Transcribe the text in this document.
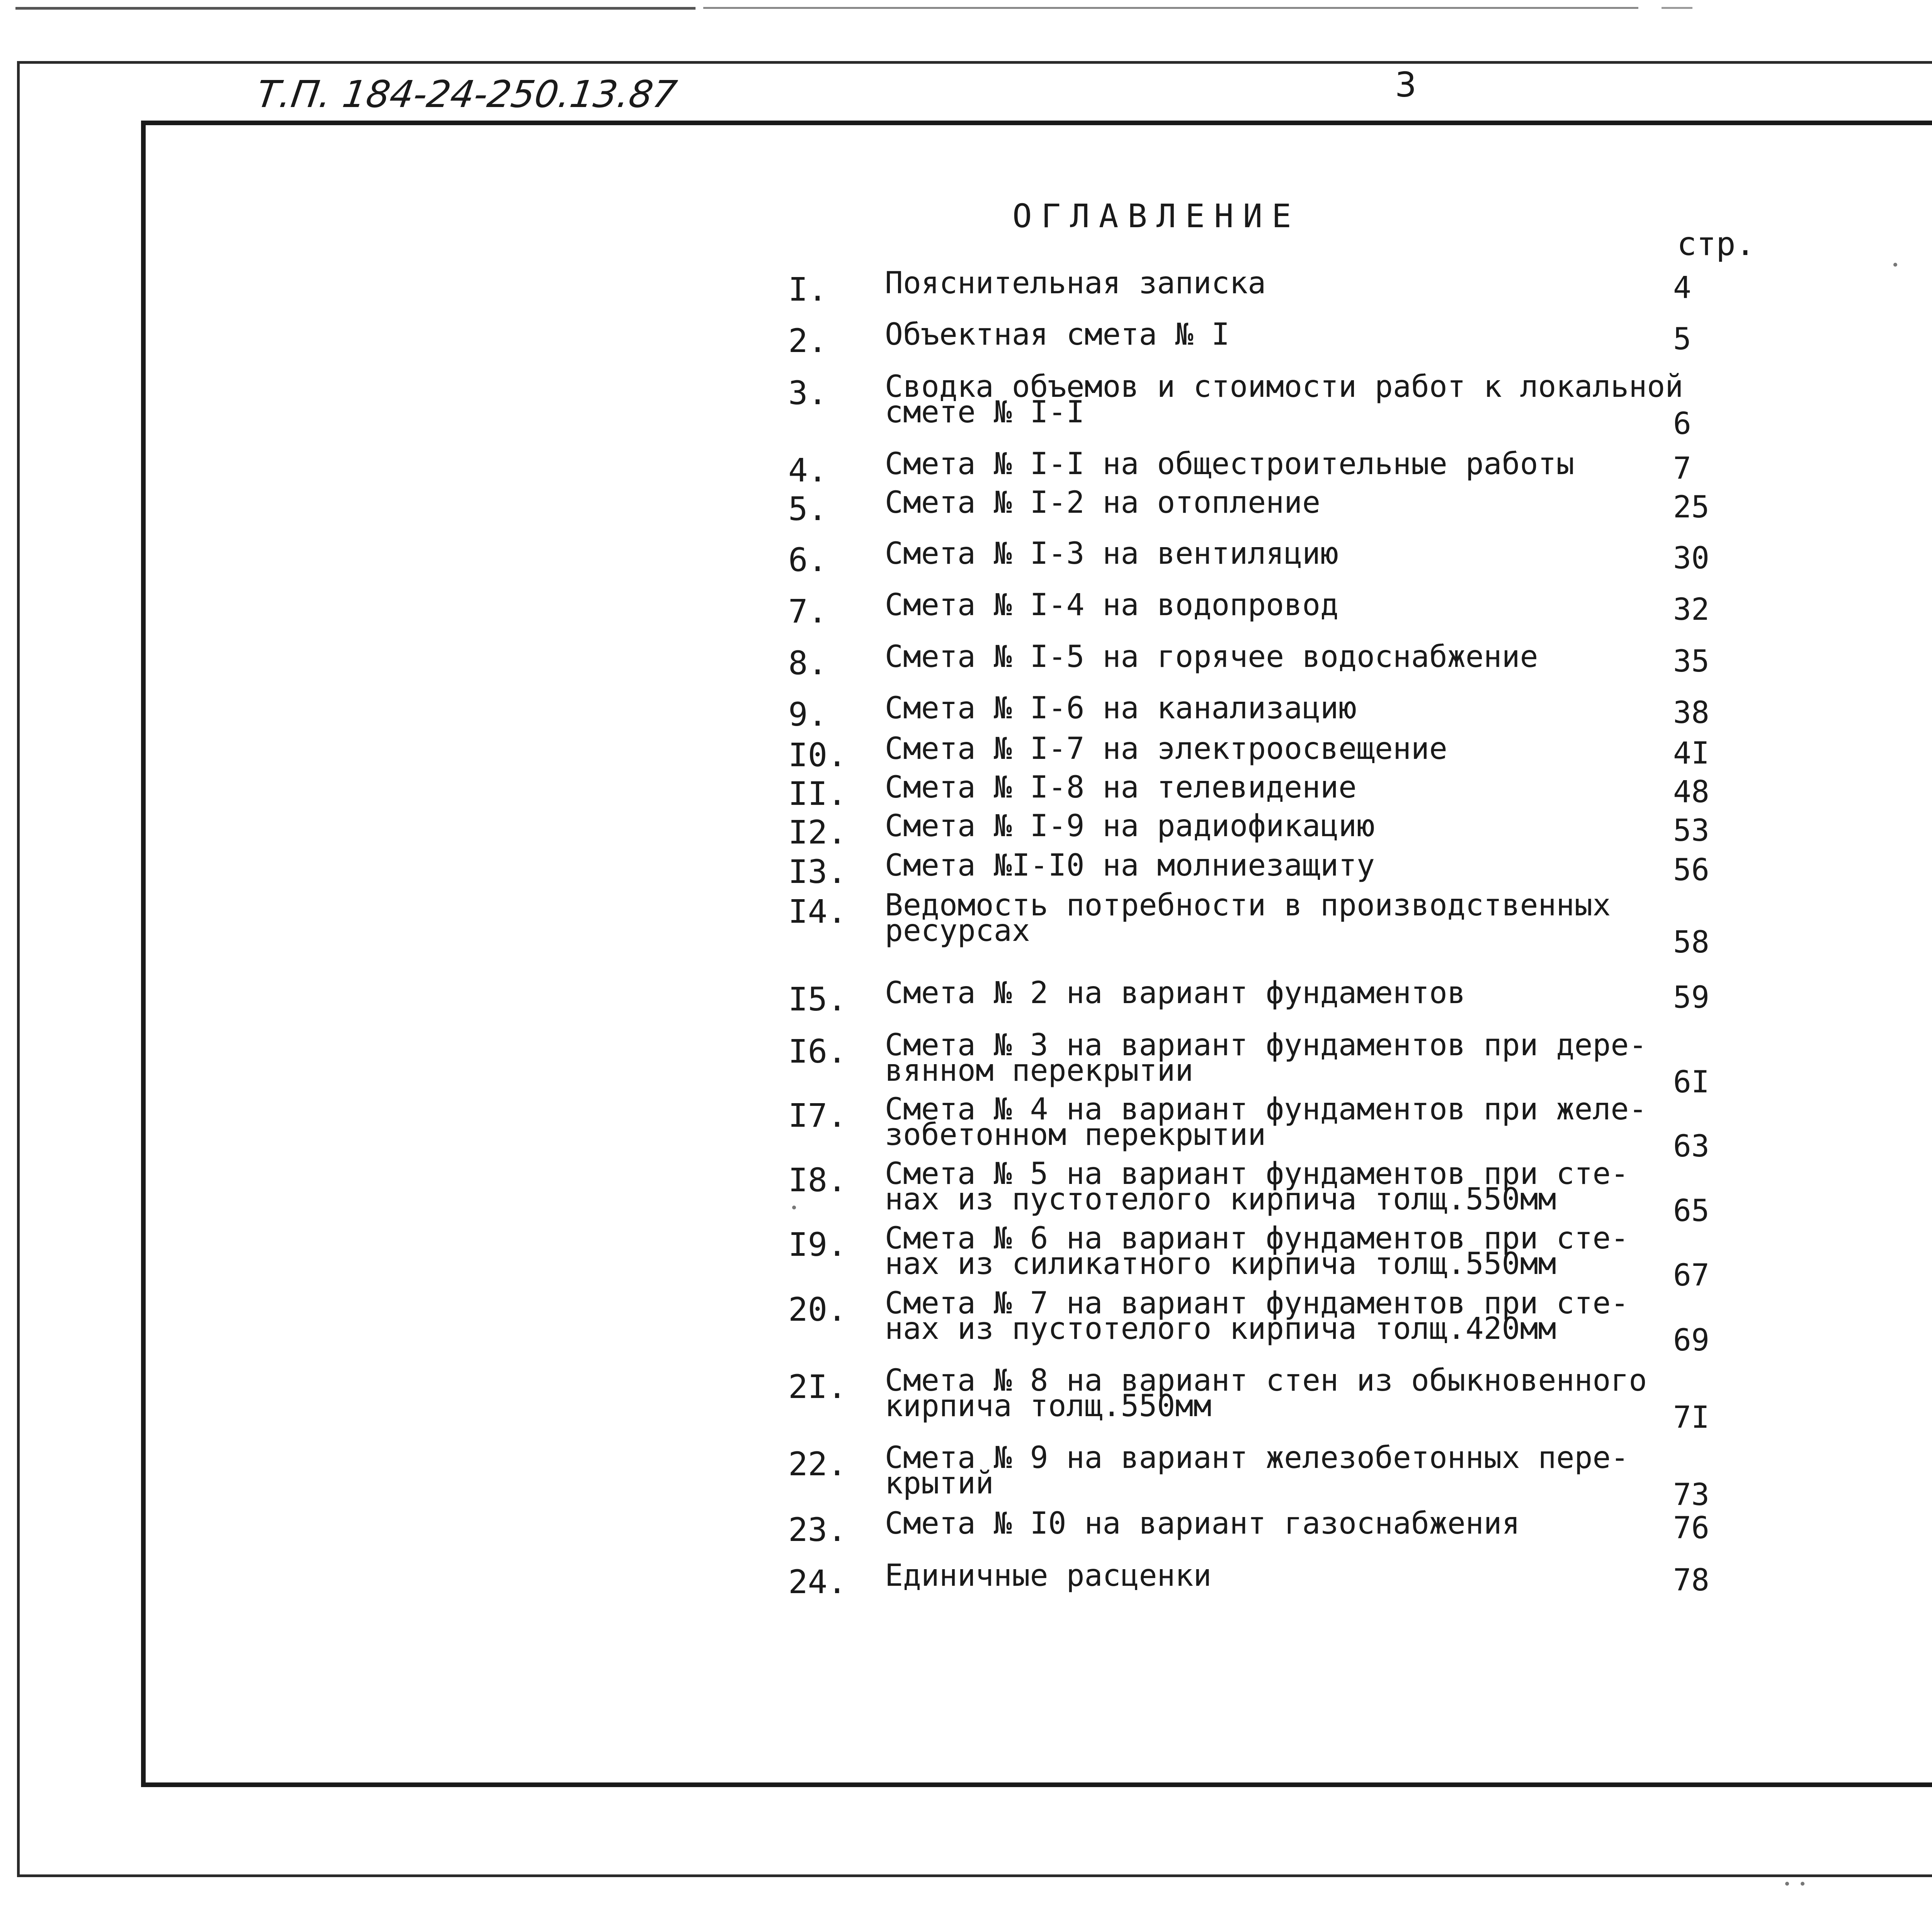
Т.П. 184-24-250.13.87	3
ОГЛАВЛЕНИЕ
стр.
I. Пояснительная записка	4
2. Объектная смета № I	5
3. Сводка объемов и стоимости работ к локальной
смете № I-I	6
4. Смета № I-I на общестроительные работы	7
5. Смета № I-2 на отопление	25
6. Смета № I-3 на вентиляцию	30
7. Смета № I-4 на водопровод	32
8. Смета № I-5 на горячее водоснабжение	35
9. Смета № I-6 на канализацию	38
I0. Смета № I-7 на электроосвещение	4I
II. Смета № I-8 на телевидение	48
I2. Смета № I-9 на радиофикацию	53
I3. Смета №I-I0 на молниезащиту	56
I4. Ведомость потребности в производственных
ресурсах	58
I5. Смета № 2 на вариант фундаментов	59
I6. Смета № 3 на вариант фундаментов при дере-
вянном перекрытии	6I
I7. Смета № 4 на вариант фундаментов при желе-
зобетонном перекрытии	63
I8. Смета № 5 на вариант фундаментов при сте-
нах из пустотелого кирпича толщ.550мм	65
I9. Смета № 6 на вариант фундаментов при сте-
нах из силикатного кирпича толщ.550мм	67
20. Смета № 7 на вариант фундаментов при сте-
нах из пустотелого кирпича толщ.420мм	69
2I. Смета № 8 на вариант стен из обыкновенного
кирпича толщ.550мм	7I
22. Смета № 9 на вариант железобетонных пере-
крытий	73
23. Смета № I0 на вариант газоснабжения	76
24. Единичные расценки	78
